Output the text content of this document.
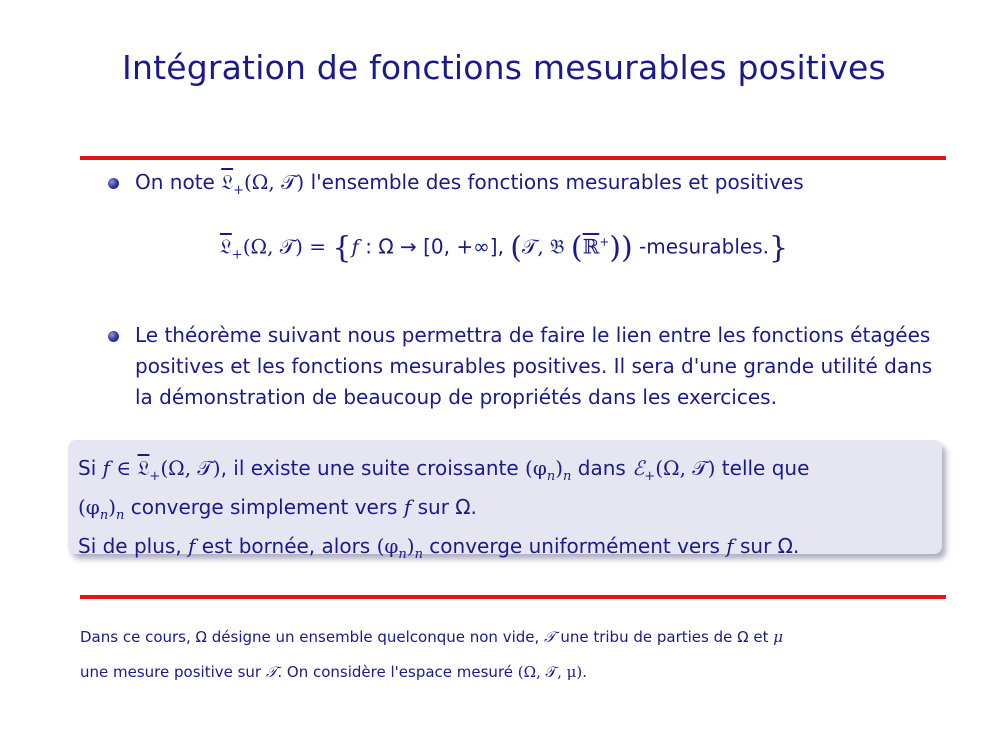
Intégration de fonctions mesurables positives
On note 𝔏$_+$(Ω, 𝒯) l'ensemble des fonctions mesurables et positives
𝔏$_+$(Ω, 𝒯) = {f : Ω → [0, +∞], (𝒯, 𝔅 (ℝ+)) -mesurables.}
Le théorème suivant nous permettra de faire le lien entre les fonctions étagées positives et les fonctions mesurables positives. Il sera d'une grande utilité dans la démonstration de beaucoup de propriétés dans les exercices.
Si f ∈ 𝔏$_+$(Ω, 𝒯), il existe une suite croissante $(\varphi_n)_n$ dans ℰ$_+$(Ω, 𝒯) telle que
$(\varphi_n)_n$ converge simplement vers f sur Ω.
Si de plus, f est bornée, alors $(\varphi_n)_n$ converge uniformément vers f sur Ω.
Dans ce cours, Ω désigne un ensemble quelconque non vide, 𝒯 une tribu de parties de Ω et μ
une mesure positive sur 𝒯. On considère l'espace mesuré (Ω, 𝒯, μ).
